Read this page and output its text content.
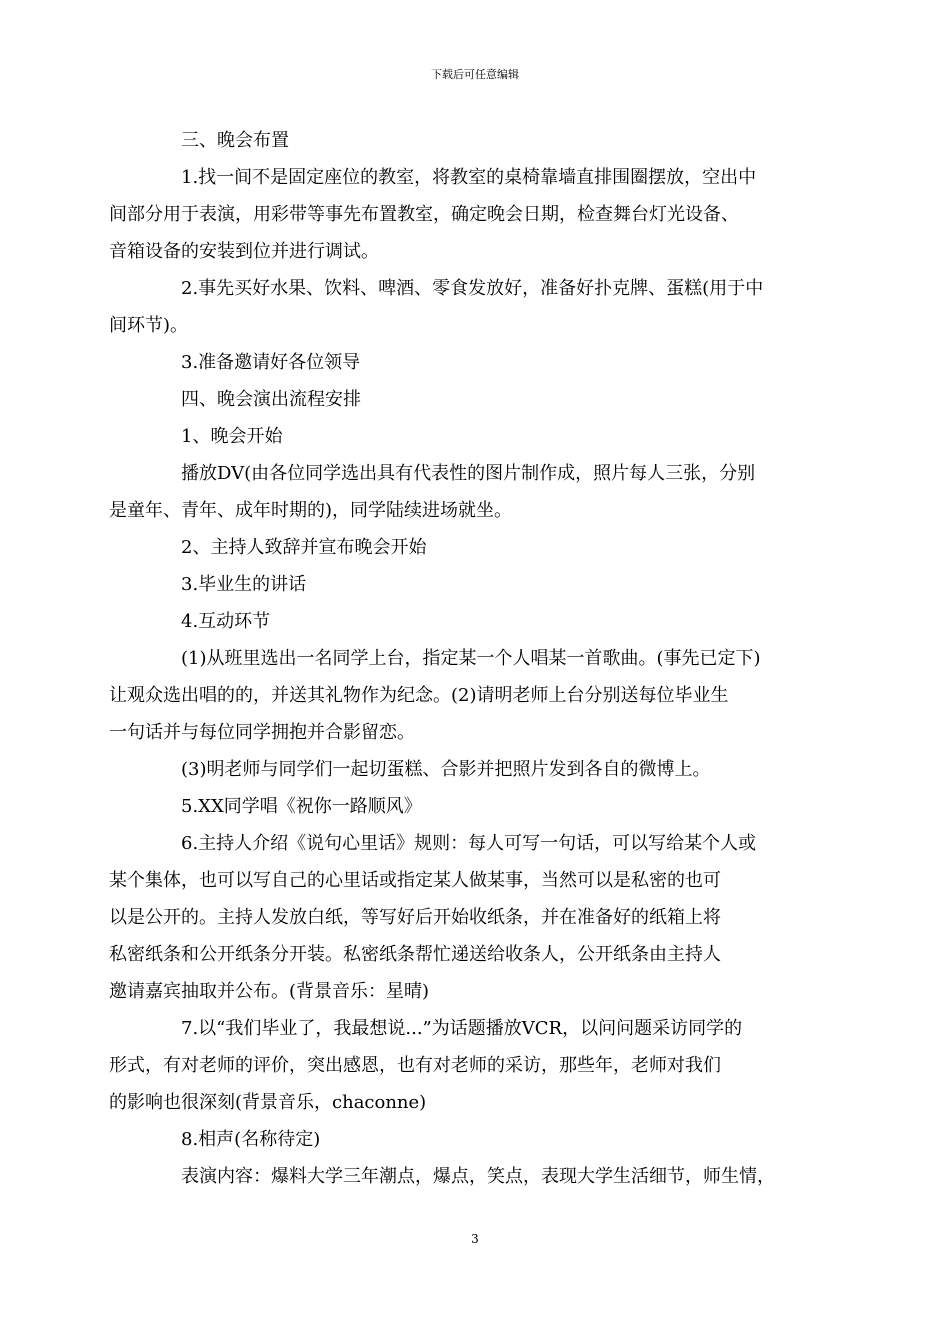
下载后可任意编辑

三、晚会布置

1.找一间不是固定座位的教室，将教室的桌椅靠墙直排围圈摆放，空出中
间部分用于表演，用彩带等事先布置教室，确定晚会日期，检查舞台灯光设备、
音箱设备的安装到位并进行调试。

2.事先买好水果、饮料、啤酒、零食发放好，准备好扑克牌、蛋糕(用于中
间环节)。

3.准备邀请好各位领导

四、晚会演出流程安排

1、晚会开始

播放DV(由各位同学选出具有代表性的图片制作成，照片每人三张，分别
是童年、青年、成年时期的)，同学陆续进场就坐。

2、主持人致辞并宣布晚会开始

3.毕业生的讲话

4.互动环节

(1)从班里选出一名同学上台，指定某一个人唱某一首歌曲。(事先已定下)
让观众选出唱的的，并送其礼物作为纪念。(2)请明老师上台分别送每位毕业生
一句话并与每位同学拥抱并合影留恋。

(3)明老师与同学们一起切蛋糕、合影并把照片发到各自的微博上。

5.XX同学唱《祝你一路顺风》

6.主持人介绍《说句心里话》规则：每人可写一句话，可以写给某个人或
某个集体，也可以写自己的心里话或指定某人做某事，当然可以是私密的也可
以是公开的。主持人发放白纸，等写好后开始收纸条，并在准备好的纸箱上将
私密纸条和公开纸条分开装。私密纸条帮忙递送给收条人，公开纸条由主持人
邀请嘉宾抽取并公布。(背景音乐：星晴)

7.以“我们毕业了，我最想说...”为话题播放VCR，以问问题采访同学的
形式，有对老师的评价，突出感恩，也有对老师的采访，那些年，老师对我们
的影响也很深刻(背景音乐，chaconne)

8.相声(名称待定)

表演内容：爆料大学三年潮点，爆点，笑点，表现大学生活细节，师生情，

3
